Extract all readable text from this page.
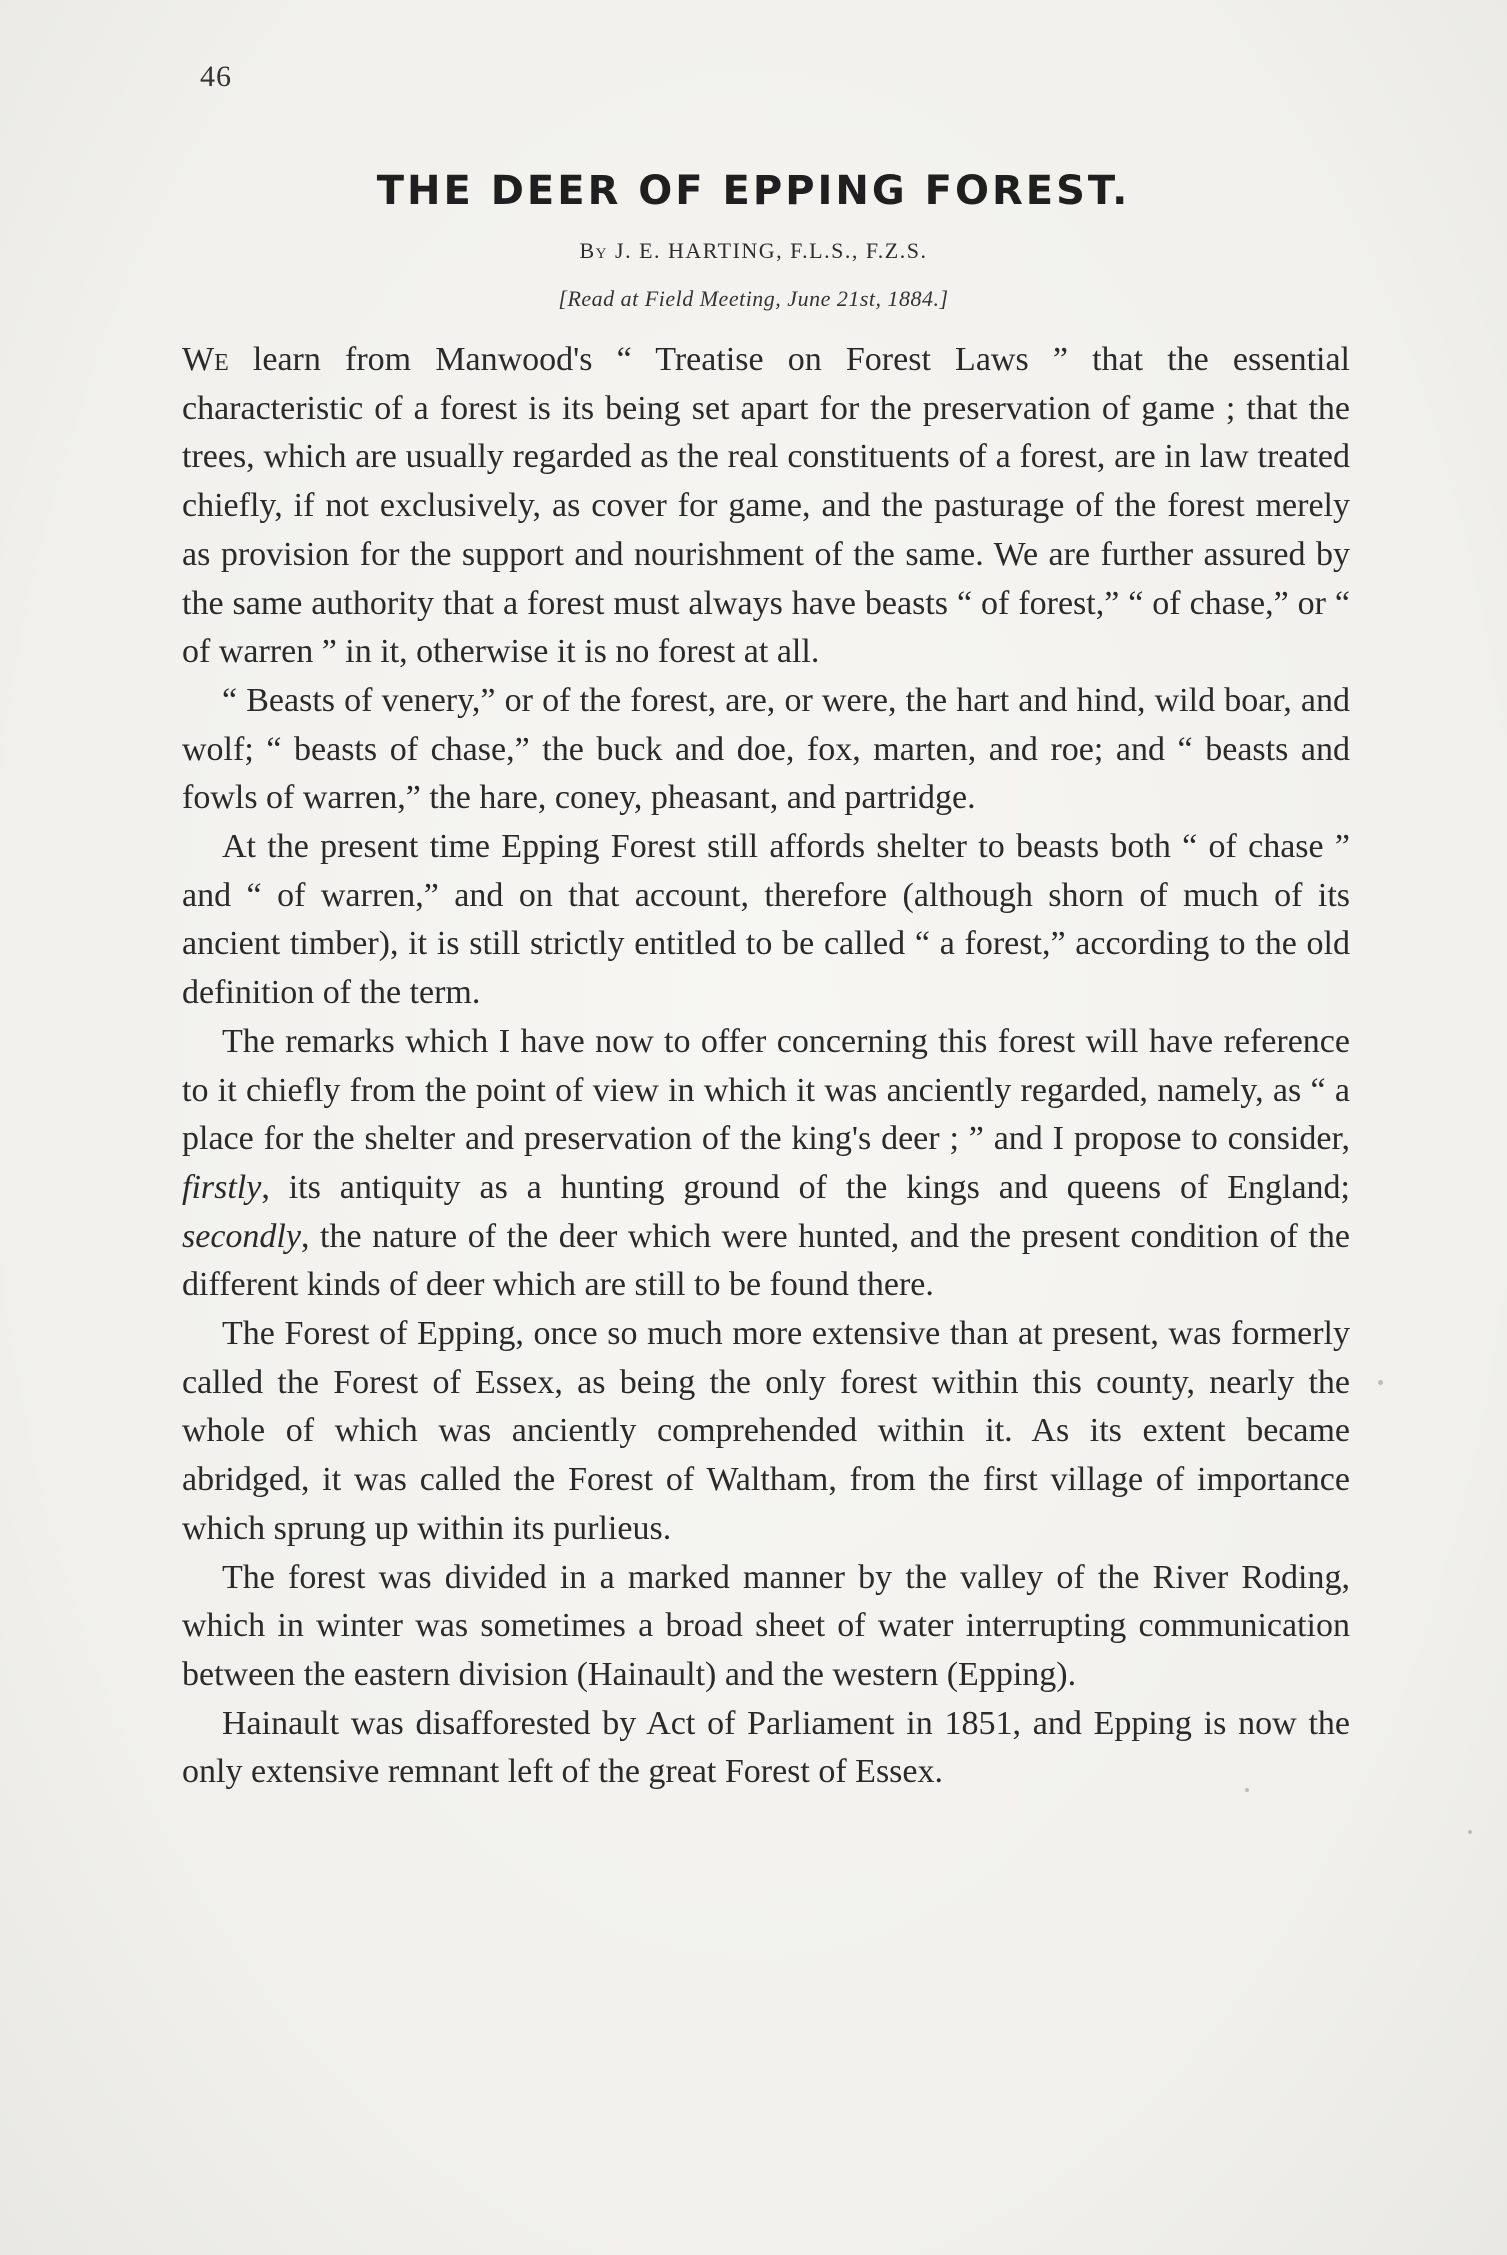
46
THE DEER OF EPPING FOREST.
By J. E. HARTING, F.L.S., F.Z.S.
[Read at Field Meeting, June 21st, 1884.]

We learn from Manwood's “ Treatise on Forest Laws ” that the essential characteristic of a forest is its being set apart for the preservation of game ; that the trees, which are usually regarded as the real constituents of a forest, are in law treated chiefly, if not exclusively, as cover for game, and the pasturage of the forest merely as provision for the support and nourishment of the same. We are further assured by the same authority that a forest must always have beasts “ of forest,” “ of chase,” or “ of warren ” in it, otherwise it is no forest at all.

“ Beasts of venery,” or of the forest, are, or were, the hart and hind, wild boar, and wolf; “ beasts of chase,” the buck and doe, fox, marten, and roe; and “ beasts and fowls of warren,” the hare, coney, pheasant, and partridge.

At the present time Epping Forest still affords shelter to beasts both “ of chase ” and “ of warren,” and on that account, therefore (although shorn of much of its ancient timber), it is still strictly entitled to be called “ a forest,” according to the old definition of the term.

The remarks which I have now to offer concerning this forest will have reference to it chiefly from the point of view in which it was anciently regarded, namely, as “ a place for the shelter and preservation of the king's deer ; ” and I propose to consider, firstly, its antiquity as a hunting ground of the kings and queens of England; secondly, the nature of the deer which were hunted, and the present condition of the different kinds of deer which are still to be found there.

The Forest of Epping, once so much more extensive than at present, was formerly called the Forest of Essex, as being the only forest within this county, nearly the whole of which was anciently comprehended within it. As its extent became abridged, it was called the Forest of Waltham, from the first village of importance which sprung up within its purlieus.

The forest was divided in a marked manner by the valley of the River Roding, which in winter was sometimes a broad sheet of water interrupting communication between the eastern division (Hainault) and the western (Epping).

Hainault was disafforested by Act of Parliament in 1851, and Epping is now the only extensive remnant left of the great Forest of Essex.
